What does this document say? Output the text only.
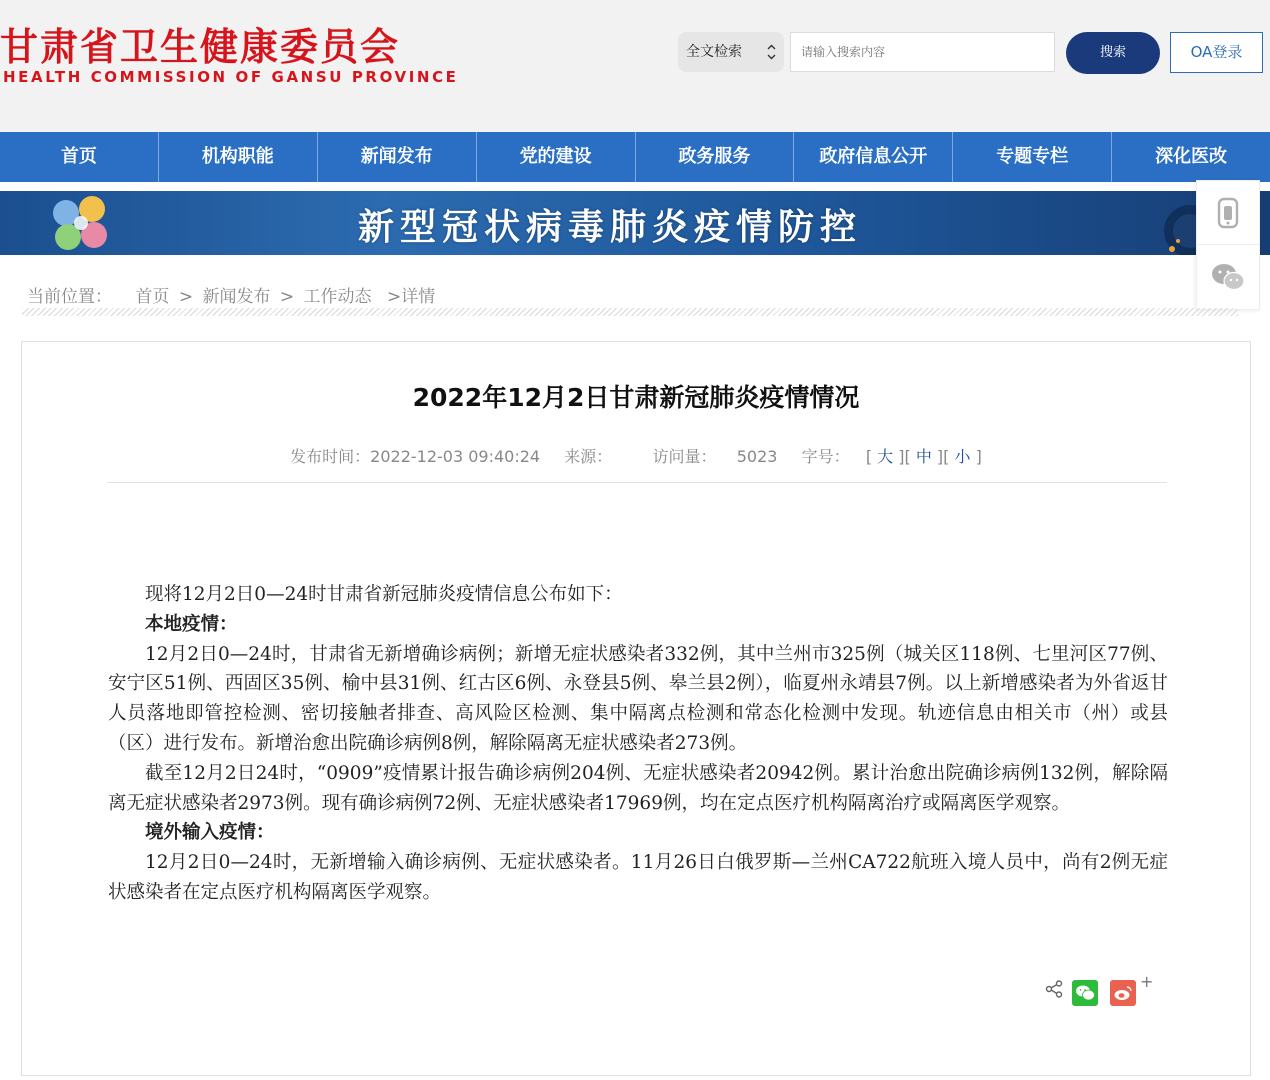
甘肃省卫生健康委员会
HEALTH COMMISSION OF GANSU PROVINCE
全文检索
请输入搜索内容	搜索	OA登录
首页	机构职能	新闻发布	党的建设	政务服务	政府信息公开	专题专栏	深化医改
新型冠状病毒肺炎疫情防控
当前位置： 首页 > 新闻发布 > 工作动态 >详情
2022年12月2日甘肃新冠肺炎疫情情况
发布时间：2022-12-03 09:40:24 来源：	访问量： 5023 字号： [ 大 ][ 中 ][ 小 ]

现将12月2日0—24时甘肃省新冠肺炎疫情信息公布如下：

本地疫情：

12月2日0—24时，甘肃省无新增确诊病例；新增无症状感染者332例，其中兰州市325例（城关区118例、七里河区77例、安宁区51例、西固区35例、榆中县31例、红古区6例、永登县5例、皋兰县2例），临夏州永靖县7例。以上新增感染者为外省返甘人员落地即管控检测、密切接触者排查、高风险区检测、集中隔离点检测和常态化检测中发现。轨迹信息由相关市（州）或县（区）进行发布。新增治愈出院确诊病例8例，解除隔离无症状感染者273例。

截至12月2日24时，“0909”疫情累计报告确诊病例204例、无症状感染者20942例。累计治愈出院确诊病例132例，解除隔离无症状感染者2973例。现有确诊病例72例、无症状感染者17969例，均在定点医疗机构隔离治疗或隔离医学观察。

境外输入疫情：

12月2日0—24时，无新增输入确诊病例、无症状感染者。11月26日白俄罗斯—兰州CA722航班入境人员中，尚有2例无症状感染者在定点医疗机构隔离医学观察。

+
